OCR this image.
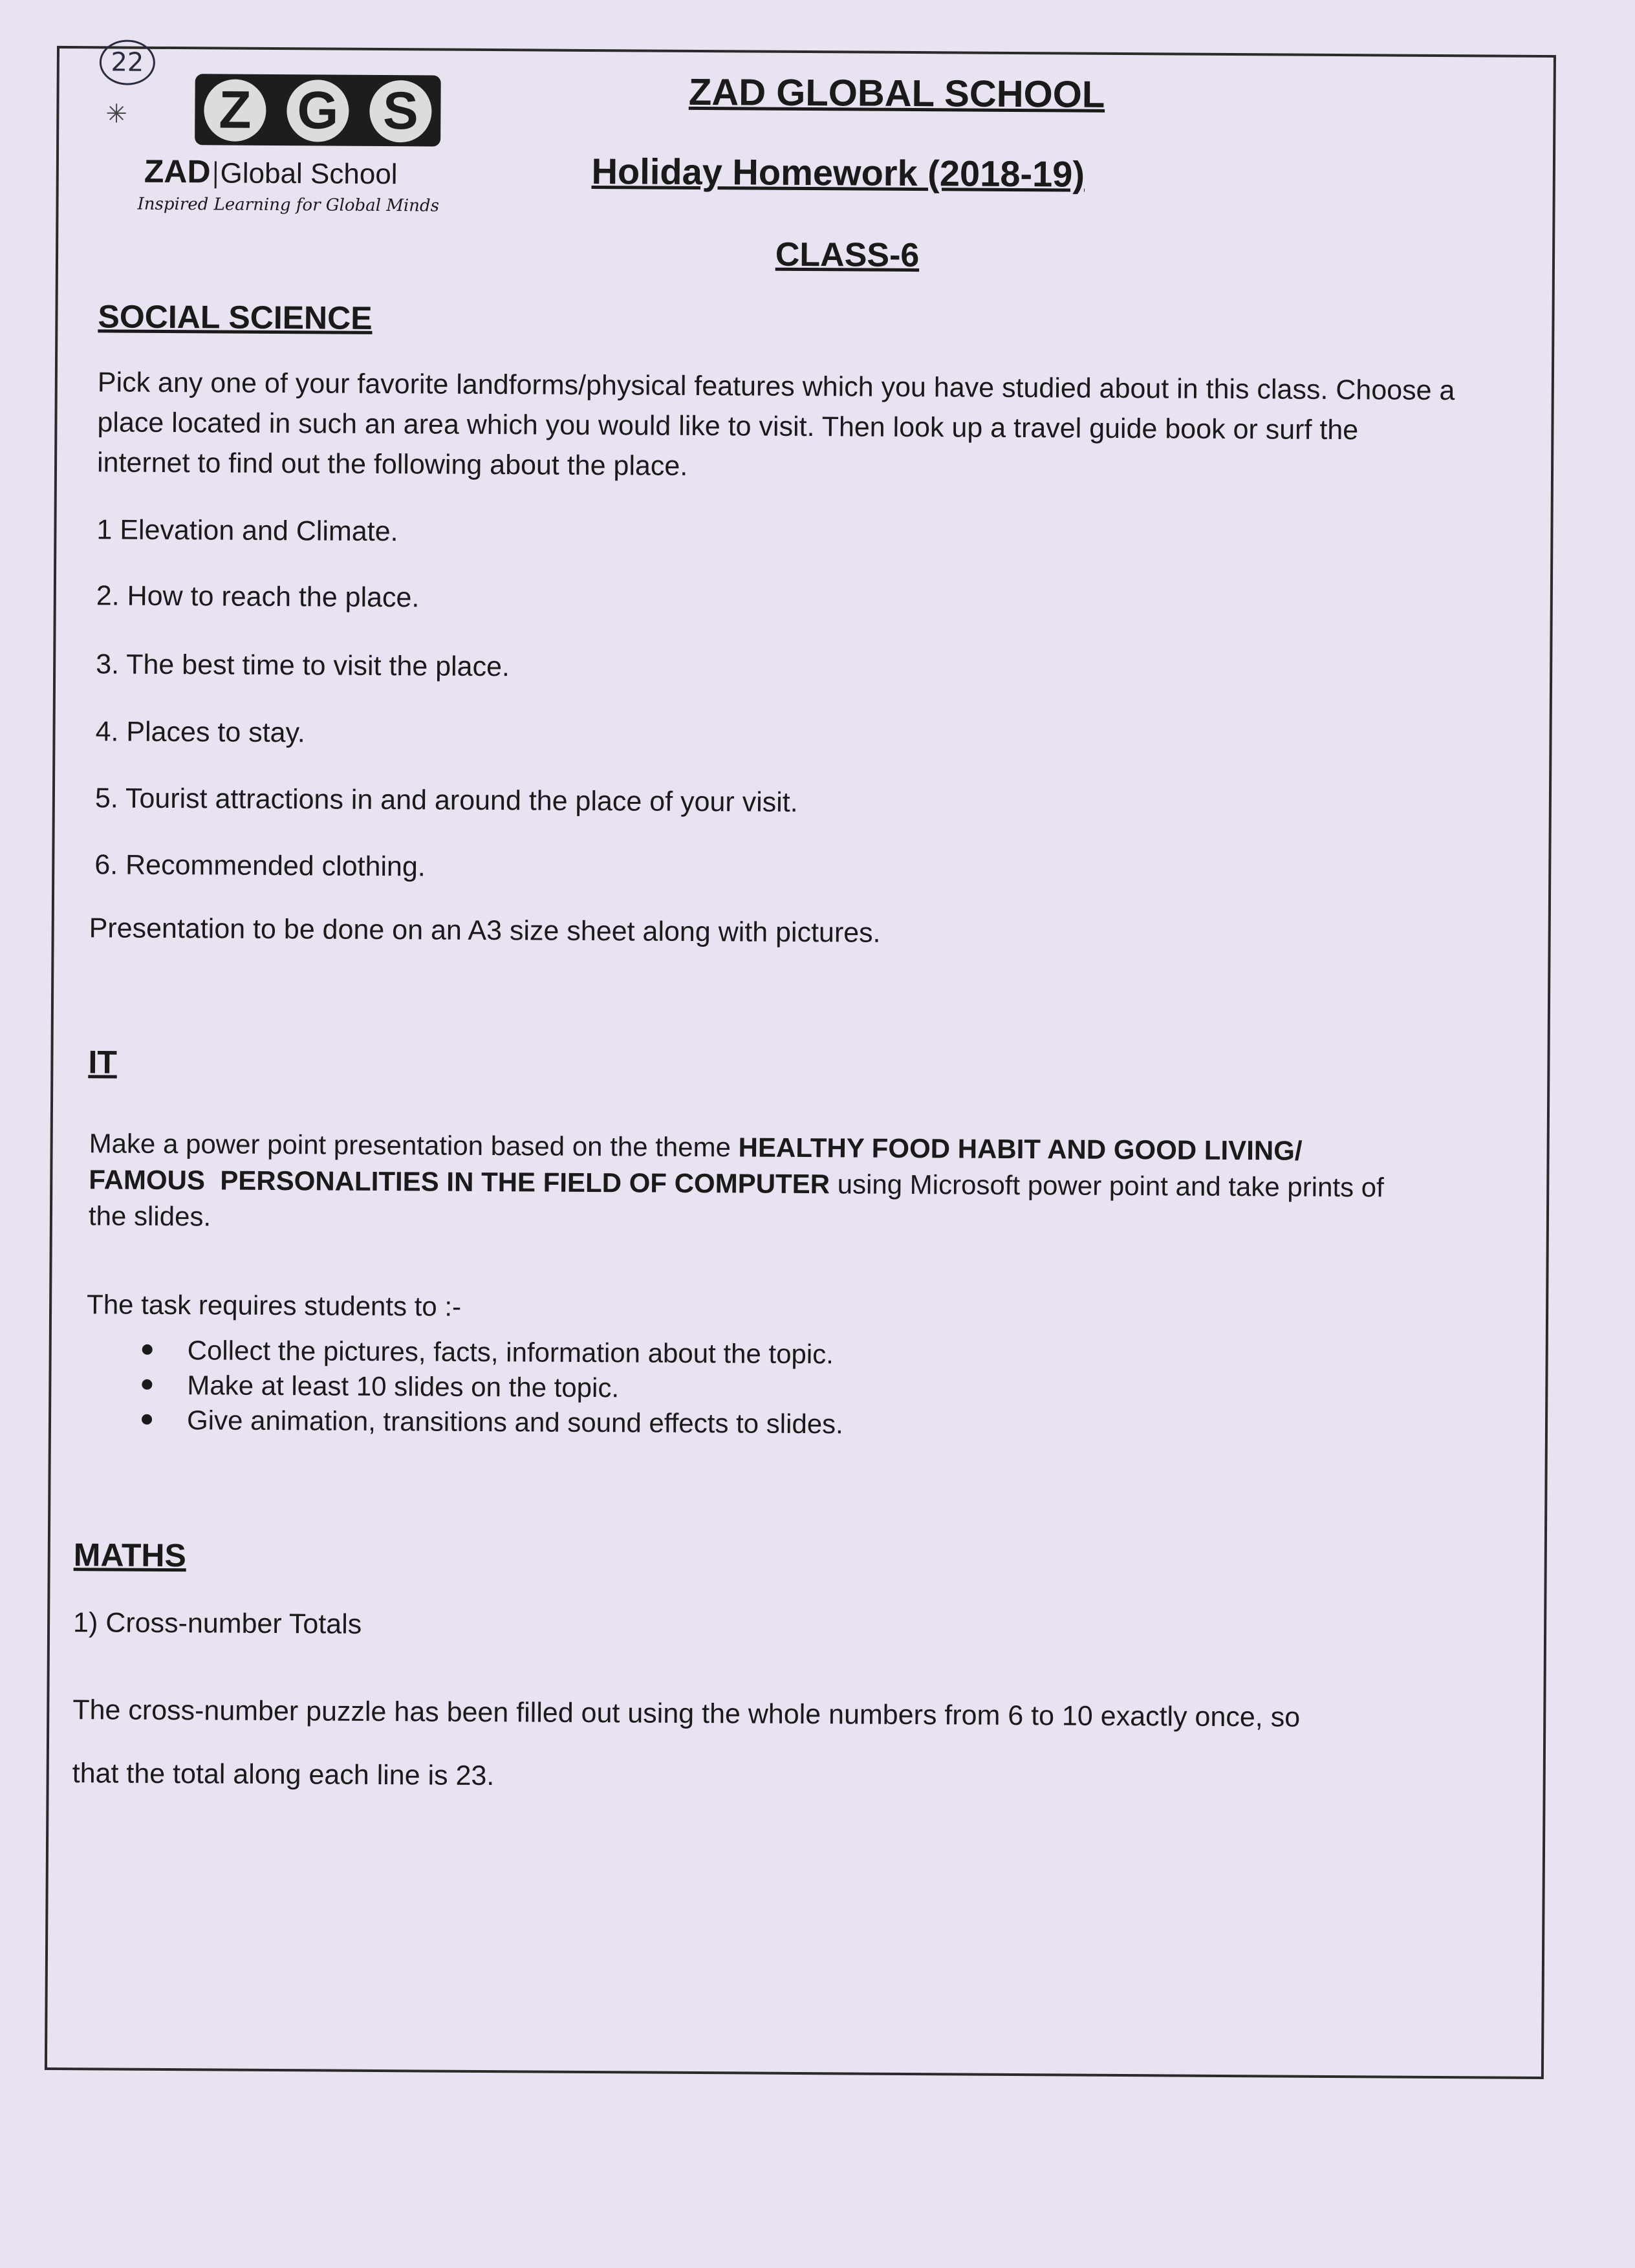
22
✳ Z G S
ZAD Global School
Inspired Learning for Global Minds
ZAD GLOBAL SCHOOL
Holiday Homework (2018-19)
CLASS-6
SOCIAL SCIENCE
Pick any one of your favorite landforms/physical features which you have studied about in this class. Choose a
place located in such an area which you would like to visit. Then look up a travel guide book or surf the
internet to find out the following about the place.
1 Elevation and Climate.
2. How to reach the place.
3. The best time to visit the place.
4. Places to stay.
5. Tourist attractions in and around the place of your visit.
6. Recommended clothing.
Presentation to be done on an A3 size sheet along with pictures.
IT
Make a power point presentation based on the theme HEALTHY FOOD HABIT AND GOOD LIVING/
FAMOUS  PERSONALITIES IN THE FIELD OF COMPUTER using Microsoft power point and take prints of
the slides.
The task requires students to :-
Collect the pictures, facts, information about the topic.
Make at least 10 slides on the topic.
Give animation, transitions and sound effects to slides.
MATHS
1) Cross-number Totals
The cross-number puzzle has been filled out using the whole numbers from 6 to 10 exactly once, so
that the total along each line is 23.
